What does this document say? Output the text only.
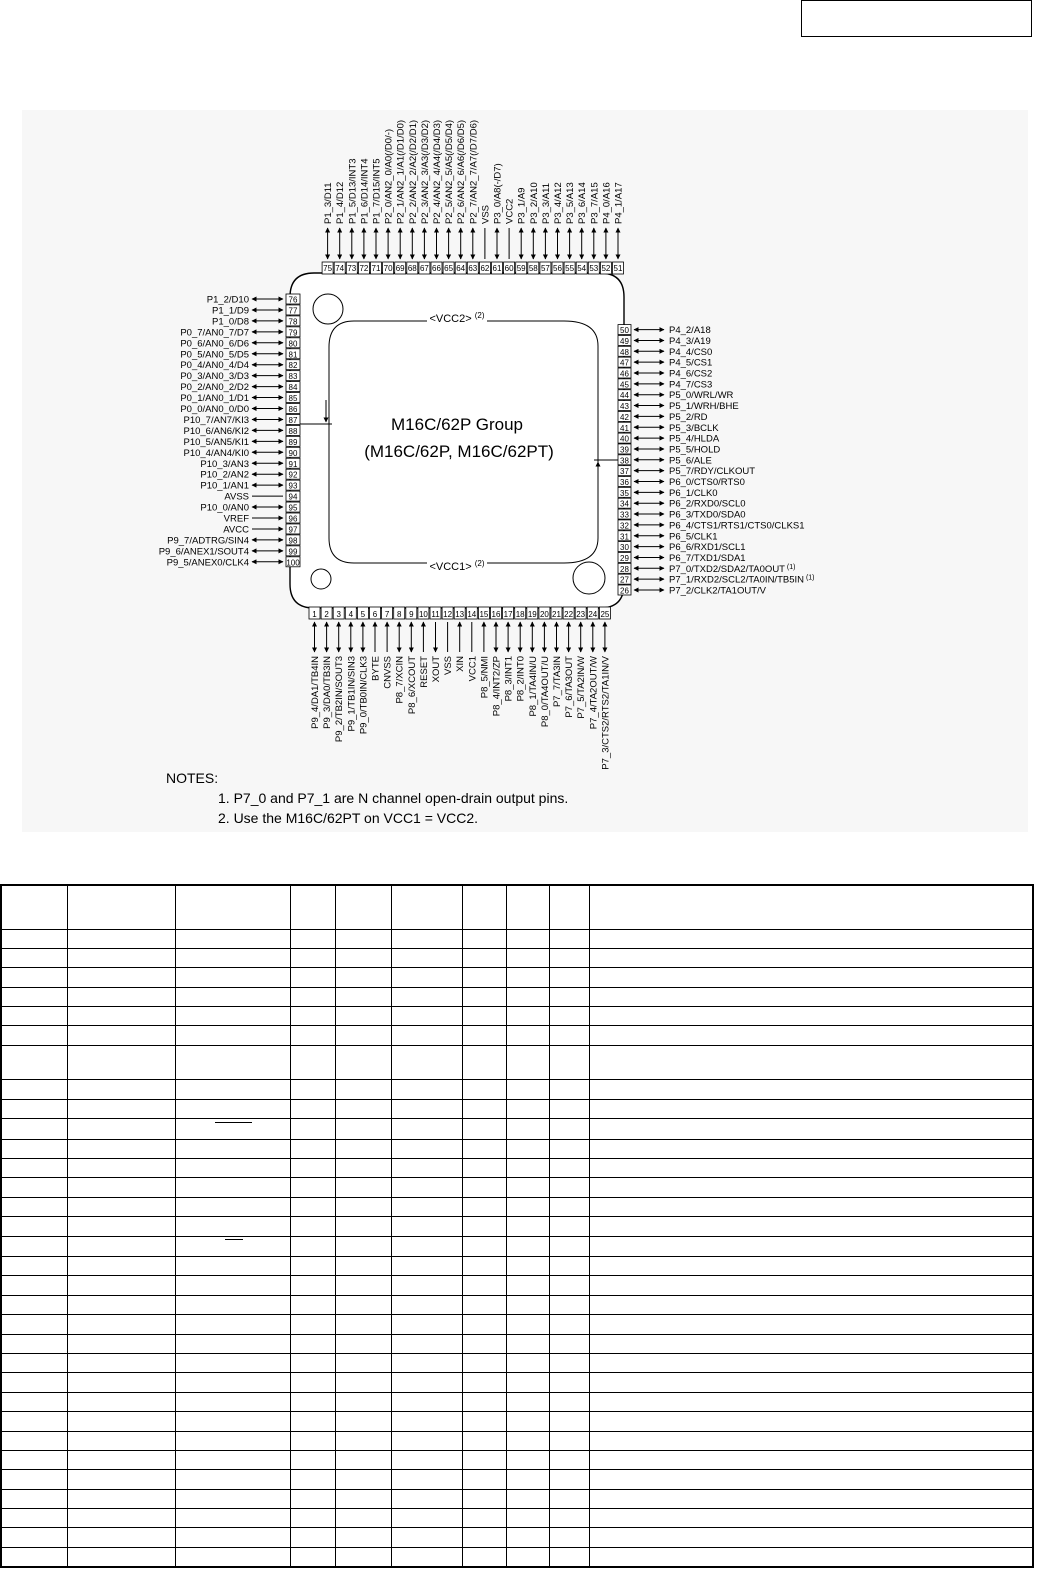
M16C/62P Group
(M16C/62P, M16C/62PT)
<VCC2> $^{(2)}$
<VCC1> $^{(2)}$
1
P9_4/DA1/TB4IN
2
P9_3/DA0/TB3IN
3
P9_2/TB2IN/SOUT3
4
P9_1/TB1IN/SIN3
5
P9_0/TB0IN/CLK3
6
BYTE
7
CNVSS
8
P8_7/XCIN
9
P8_6/XCOUT
10
RESET
11
XOUT
12
VSS
13
XIN
14
VCC1
15
P8_5/NMI
16
P8_4/INT2/ZP
17
P8_3/INT1
18
P8_2/INT0
19
P8_1/TA4IN/U
20
P8_0/TA4OUT/U
21
P7_7/TA3IN
22
P7_6/TA3OUT
23
P7_5/TA2IN/W
24
P7_4/TA2OUT/W
25
P7_3/CTS2/RTS2/TA1IN/V
26	P7_2/CLK2/TA1OUT/V
27	P7_1/RXD2/SCL2/TA0IN/TB5IN $^{(1)}$
28	P7_0/TXD2/SDA2/TA0OUT $^{(1)}$
29	P6_7/TXD1/SDA1
30	P6_6/RXD1/SCL1
31	P6_5/CLK1
32	P6_4/CTS1/RTS1/CTS0/CLKS1
33	P6_3/TXD0/SDA0
34	P6_2/RXD0/SCL0
35	P6_1/CLK0
36	P6_0/CTS0/RTS0
37	P5_7/RDY/CLKOUT
38	P5_6/ALE
39	P5_5/HOLD
40	P5_4/HLDA
41	P5_3/BCLK
42	P5_2/RD
43	P5_1/WRH/BHE
44	P5_0/WRL/WR
45	P4_7/CS3
46	P4_6/CS2
47	P4_5/CS1
48	P4_4/CS0
49	P4_3/A19
50	P4_2/A18
51
P4_1/A17
52
P4_0/A16
53
P3_7/A15
54
P3_6/A14
55
P3_5/A13
56
P3_4/A12
57
P3_3/A11
58
P3_2/A10
59
P3_1/A9
60
VCC2
61
P3_0/A8(-/D7)
62
VSS
63
P2_7/AN2_7/A7(/D7/D6)
64
P2_6/AN2_6/A6(/D6/D5)
65
P2_5/AN2_5/A5(/D5/D4)
66
P2_4/AN2_4/A4(/D4/D3)
67
P2_3/AN2_3/A3(/D3/D2)
68
P2_2/AN2_2/A2(/D2/D1)
69
P2_1/AN2_1/A1(/D1/D0)
70
P2_0/AN2_0/A0(/D0/-)
71
P1_7/D15/INT5
72
P1_6/D14/INT4
73
P1_5/D13/INT3
74
P1_4/D12
75
P1_3/D11
76
P1_2/D10
77
P1_1/D9
78
P1_0/D8
79
P0_7/AN0_7/D7
80
P0_6/AN0_6/D6
81
P0_5/AN0_5/D5
82
P0_4/AN0_4/D4
83
P0_3/AN0_3/D3
84
P0_2/AN0_2/D2
85
P0_1/AN0_1/D1
86
P0_0/AN0_0/D0
87
P10_7/AN7/KI3
88
P10_6/AN6/KI2
89
P10_5/AN5/KI1
90
P10_4/AN4/KI0
91
P10_3/AN3
92
P10_2/AN2
93
P10_1/AN1
94
AVSS
95
P10_0/AN0
96
VREF
97
AVCC
98
P9_7/ADTRG/SIN4
99
P9_6/ANEX1/SOUT4
100
P9_5/ANEX0/CLK4
NOTES:
1. P7_0 and P7_1 are N channel open-drain output pins.
2. Use the M16C/62PT on VCC1 = VCC2.
